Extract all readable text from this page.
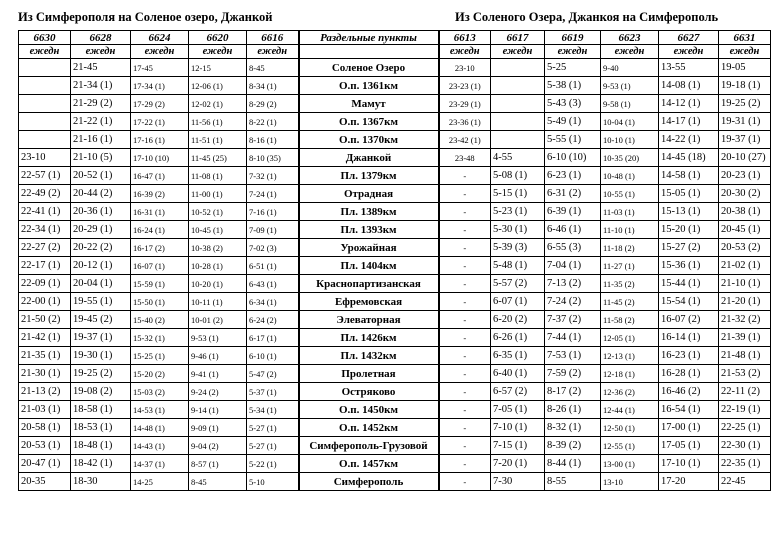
Из Симферополя на Соленое озеро, Джанкой	Из Соленого Озера, Джанкоя на Симферополь
6630	6628	6624	6620	6616	Раздельные пункты	6613	6617	6619	6623	6627	6631
ежедн	ежедн	ежедн	ежедн	ежедн		ежедн	ежедн	ежедн	ежедн	ежедн	ежедн
	21-45	17-45	12-15	8-45	Соленое Озеро	23-10		5-25	9-40	13-55	19-05
	21-34 (1)	17-34 (1)	12-06 (1)	8-34 (1)	О.п. 1361км	23-23 (1)		5-38 (1)	9-53 (1)	14-08 (1)	19-18 (1)
	21-29 (2)	17-29 (2)	12-02 (1)	8-29 (2)	Мамут	23-29 (1)		5-43 (3)	9-58 (1)	14-12 (1)	19-25 (2)
	21-22 (1)	17-22 (1)	11-56 (1)	8-22 (1)	О.п. 1367км	23-36 (1)		5-49 (1)	10-04 (1)	14-17 (1)	19-31 (1)
	21-16 (1)	17-16 (1)	11-51 (1)	8-16 (1)	О.п. 1370км	23-42 (1)		5-55 (1)	10-10 (1)	14-22 (1)	19-37 (1)
23-10	21-10 (5)	17-10 (10)	11-45 (25)	8-10 (35)	Джанкой	23-48	4-55	6-10 (10)	10-35 (20)	14-45 (18)	20-10 (27)
22-57 (1)	20-52 (1)	16-47 (1)	11-08 (1)	7-32 (1)	Пл. 1379км	-	5-08 (1)	6-23 (1)	10-48 (1)	14-58 (1)	20-23 (1)
22-49 (2)	20-44 (2)	16-39 (2)	11-00 (1)	7-24 (1)	Отрадная	-	5-15 (1)	6-31 (2)	10-55 (1)	15-05 (1)	20-30 (2)
22-41 (1)	20-36 (1)	16-31 (1)	10-52 (1)	7-16 (1)	Пл. 1389км	-	5-23 (1)	6-39 (1)	11-03 (1)	15-13 (1)	20-38 (1)
22-34 (1)	20-29 (1)	16-24 (1)	10-45 (1)	7-09 (1)	Пл. 1393км	-	5-30 (1)	6-46 (1)	11-10 (1)	15-20 (1)	20-45 (1)
22-27 (2)	20-22 (2)	16-17 (2)	10-38 (2)	7-02 (3)	Урожайная	-	5-39 (3)	6-55 (3)	11-18 (2)	15-27 (2)	20-53 (2)
22-17 (1)	20-12 (1)	16-07 (1)	10-28 (1)	6-51 (1)	Пл. 1404км	-	5-48 (1)	7-04 (1)	11-27 (1)	15-36 (1)	21-02 (1)
22-09 (1)	20-04 (1)	15-59 (1)	10-20 (1)	6-43 (1)	Краснопартизанская	-	5-57 (2)	7-13 (2)	11-35 (2)	15-44 (1)	21-10 (1)
22-00 (1)	19-55 (1)	15-50 (1)	10-11 (1)	6-34 (1)	Ефремовская	-	6-07 (1)	7-24 (2)	11-45 (2)	15-54 (1)	21-20 (1)
21-50 (2)	19-45 (2)	15-40 (2)	10-01 (2)	6-24 (2)	Элеваторная	-	6-20 (2)	7-37 (2)	11-58 (2)	16-07 (2)	21-32 (2)
21-42 (1)	19-37 (1)	15-32 (1)	9-53 (1)	6-17 (1)	Пл. 1426км	-	6-26 (1)	7-44 (1)	12-05 (1)	16-14 (1)	21-39 (1)
21-35 (1)	19-30 (1)	15-25 (1)	9-46 (1)	6-10 (1)	Пл. 1432км	-	6-35 (1)	7-53 (1)	12-13 (1)	16-23 (1)	21-48 (1)
21-30 (1)	19-25 (2)	15-20 (2)	9-41 (1)	5-47 (2)	Пролетная	-	6-40 (1)	7-59 (2)	12-18 (1)	16-28 (1)	21-53 (2)
21-13 (2)	19-08 (2)	15-03 (2)	9-24 (2)	5-37 (1)	Остряково	-	6-57 (2)	8-17 (2)	12-36 (2)	16-46 (2)	22-11 (2)
21-03 (1)	18-58 (1)	14-53 (1)	9-14 (1)	5-34 (1)	О.п. 1450км	-	7-05 (1)	8-26 (1)	12-44 (1)	16-54 (1)	22-19 (1)
20-58 (1)	18-53 (1)	14-48 (1)	9-09 (1)	5-27 (1)	О.п. 1452км	-	7-10 (1)	8-32 (1)	12-50 (1)	17-00 (1)	22-25 (1)
20-53 (1)	18-48 (1)	14-43 (1)	9-04 (2)	5-27 (1)	Симферополь-Грузовой	-	7-15 (1)	8-39 (2)	12-55 (1)	17-05 (1)	22-30 (1)
20-47 (1)	18-42 (1)	14-37 (1)	8-57 (1)	5-22 (1)	О.п. 1457км	-	7-20 (1)	8-44 (1)	13-00 (1)	17-10 (1)	22-35 (1)
20-35	18-30	14-25	8-45	5-10	Симферополь	-	7-30	8-55	13-10	17-20	22-45
